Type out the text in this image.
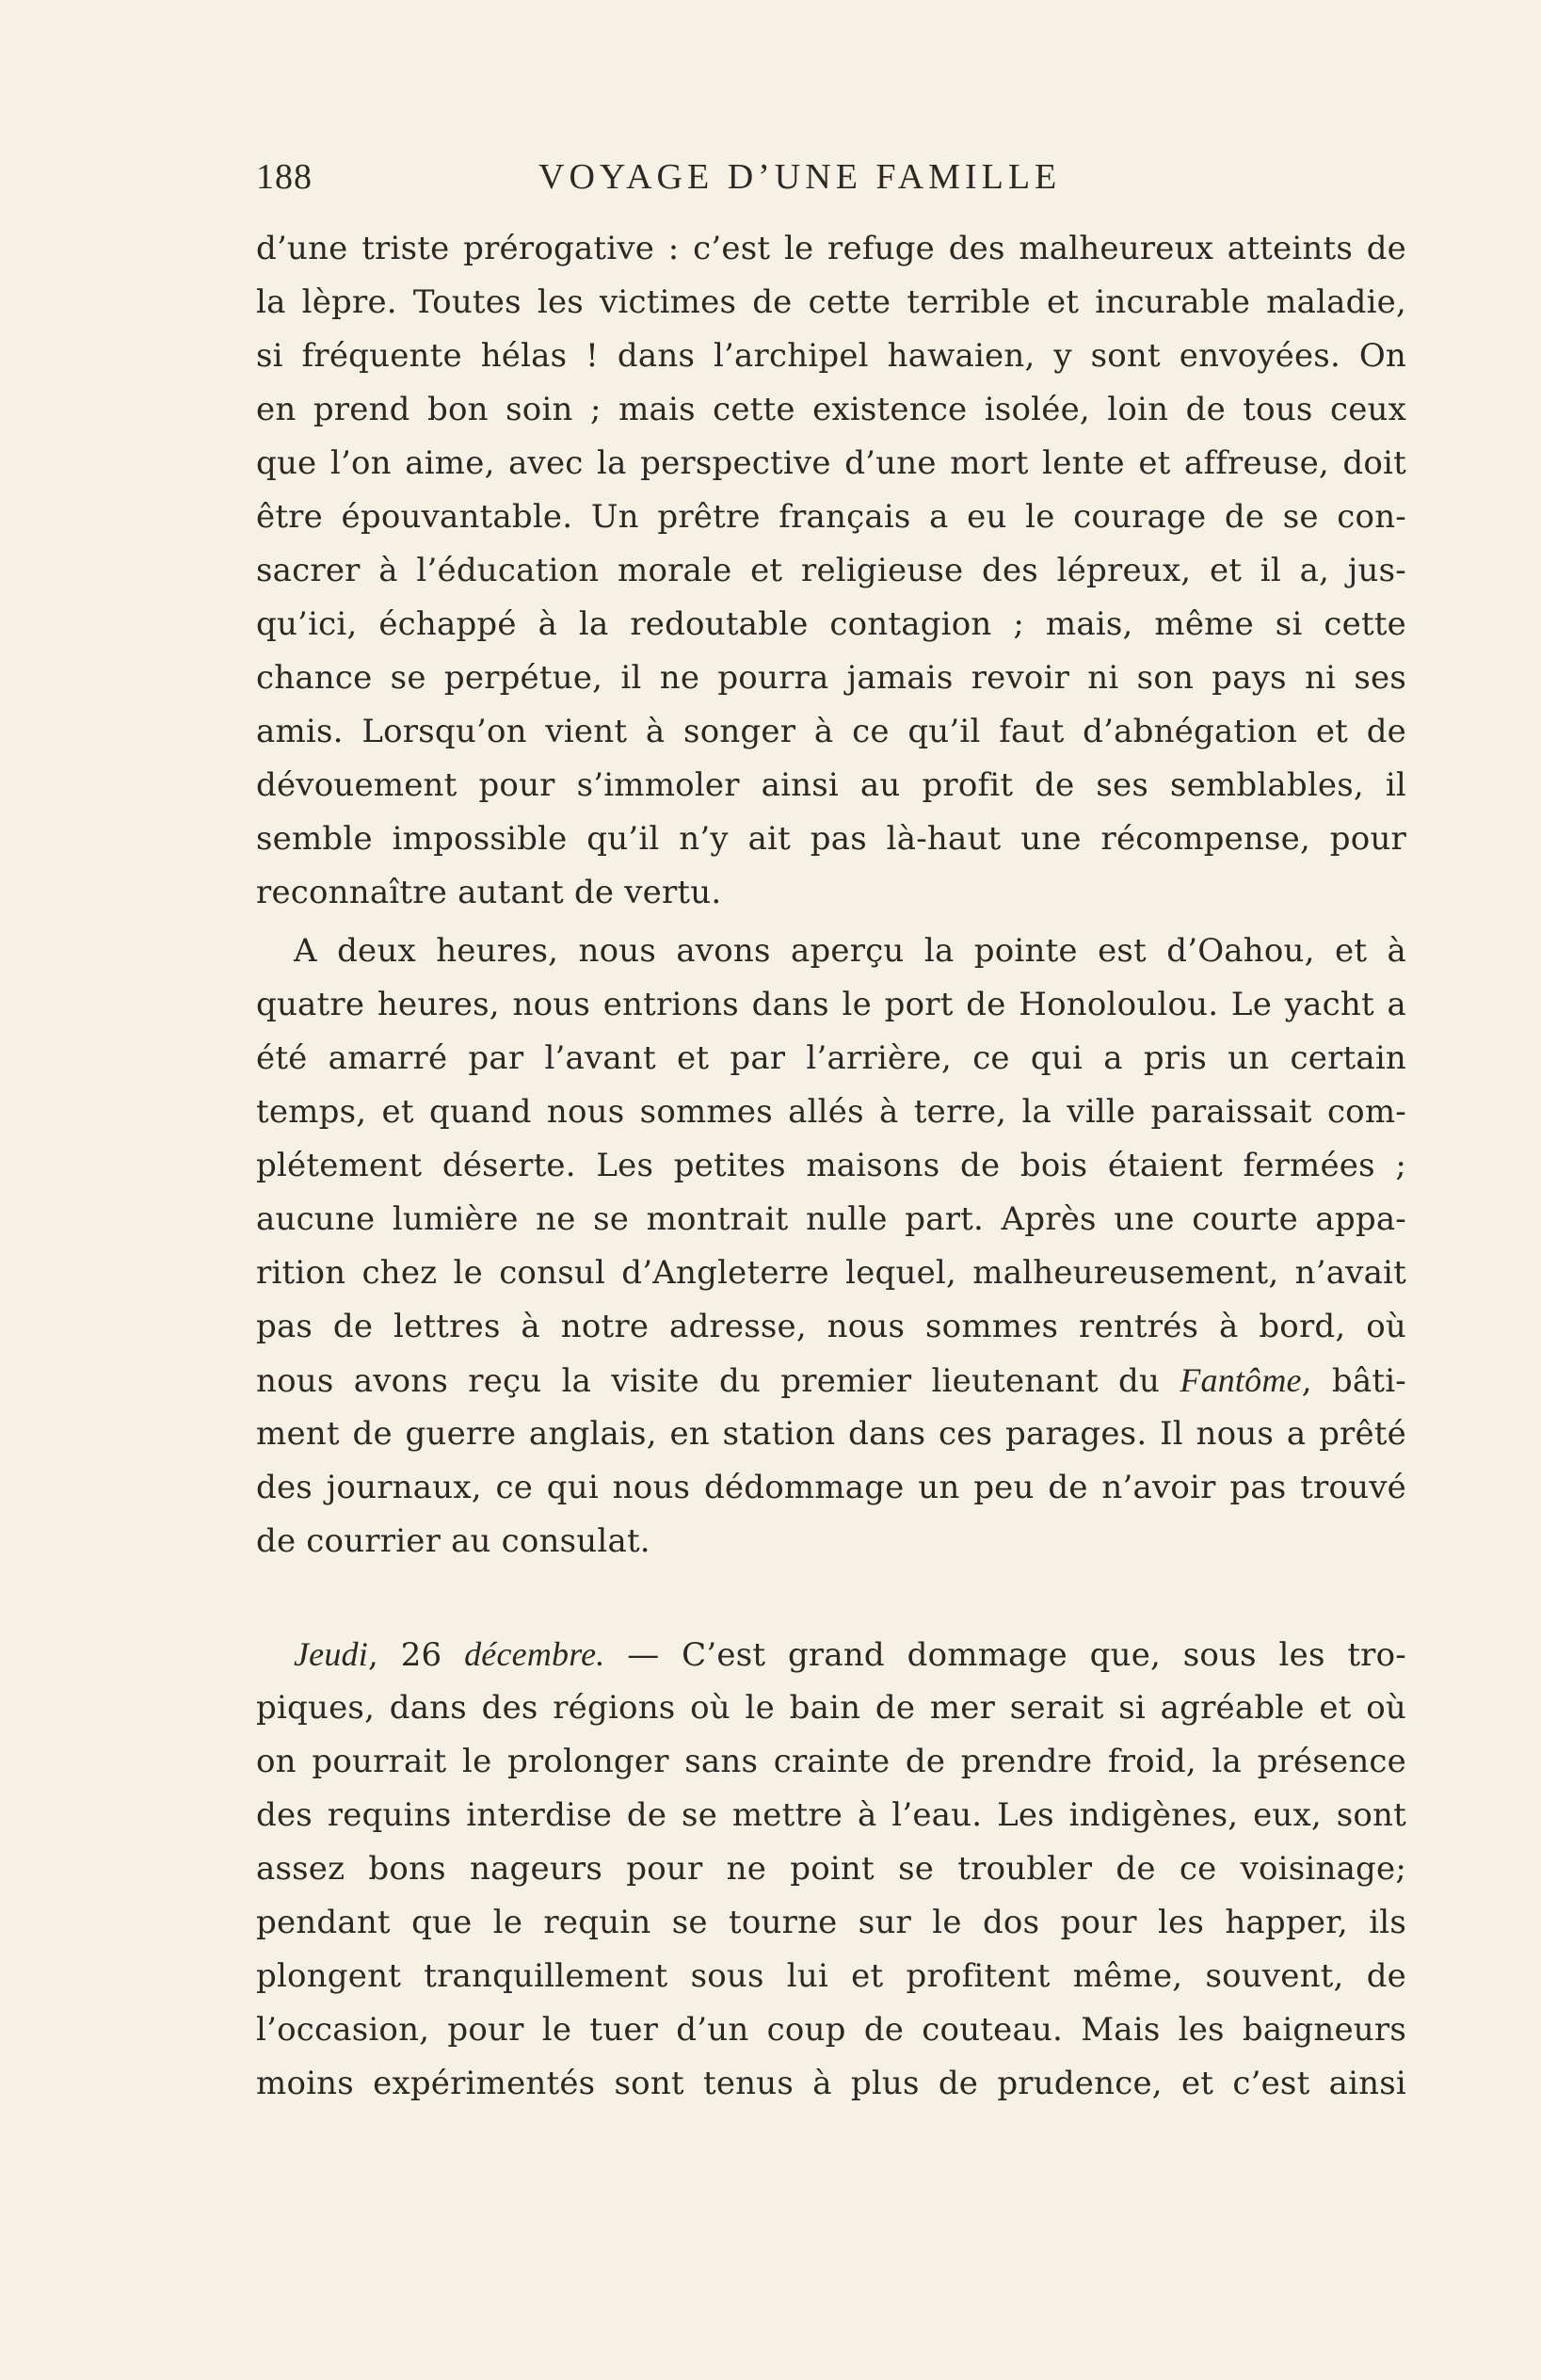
188	VOYAGE D’UNE FAMILLE
d’une triste prérogative : c’est le refuge des malheureux atteints de
la lèpre. Toutes les victimes de cette terrible et incurable maladie,
si fréquente hélas ! dans l’archipel hawaien, y sont envoyées. On
en prend bon soin ; mais cette existence isolée, loin de tous ceux
que l’on aime, avec la perspective d’une mort lente et affreuse, doit
être épouvantable. Un prêtre français a eu le courage de se con-
sacrer à l’éducation morale et religieuse des lépreux, et il a, jus-
qu’ici, échappé à la redoutable contagion ; mais, même si cette
chance se perpétue, il ne pourra jamais revoir ni son pays ni ses
amis. Lorsqu’on vient à songer à ce qu’il faut d’abnégation et de
dévouement pour s’immoler ainsi au profit de ses semblables, il
semble impossible qu’il n’y ait pas là-haut une récompense, pour
reconnaître autant de vertu.
A deux heures, nous avons aperçu la pointe est d’Oahou, et à
quatre heures, nous entrions dans le port de Honoloulou. Le yacht a
été amarré par l’avant et par l’arrière, ce qui a pris un certain
temps, et quand nous sommes allés à terre, la ville paraissait com-
plétement déserte. Les petites maisons de bois étaient fermées ;
aucune lumière ne se montrait nulle part. Après une courte appa-
rition chez le consul d’Angleterre lequel, malheureusement, n’avait
pas de lettres à notre adresse, nous sommes rentrés à bord, où
nous avons reçu la visite du premier lieutenant du Fantôme, bâti-
ment de guerre anglais, en station dans ces parages. Il nous a prêté
des journaux, ce qui nous dédommage un peu de n’avoir pas trouvé
de courrier au consulat.
Jeudi, 26 décembre. — C’est grand dommage que, sous les tro-
piques, dans des régions où le bain de mer serait si agréable et où
on pourrait le prolonger sans crainte de prendre froid, la présence
des requins interdise de se mettre à l’eau. Les indigènes, eux, sont
assez bons nageurs pour ne point se troubler de ce voisinage;
pendant que le requin se tourne sur le dos pour les happer, ils
plongent tranquillement sous lui et profitent même, souvent, de
l’occasion, pour le tuer d’un coup de couteau. Mais les baigneurs
moins expérimentés sont tenus à plus de prudence, et c’est ainsi
